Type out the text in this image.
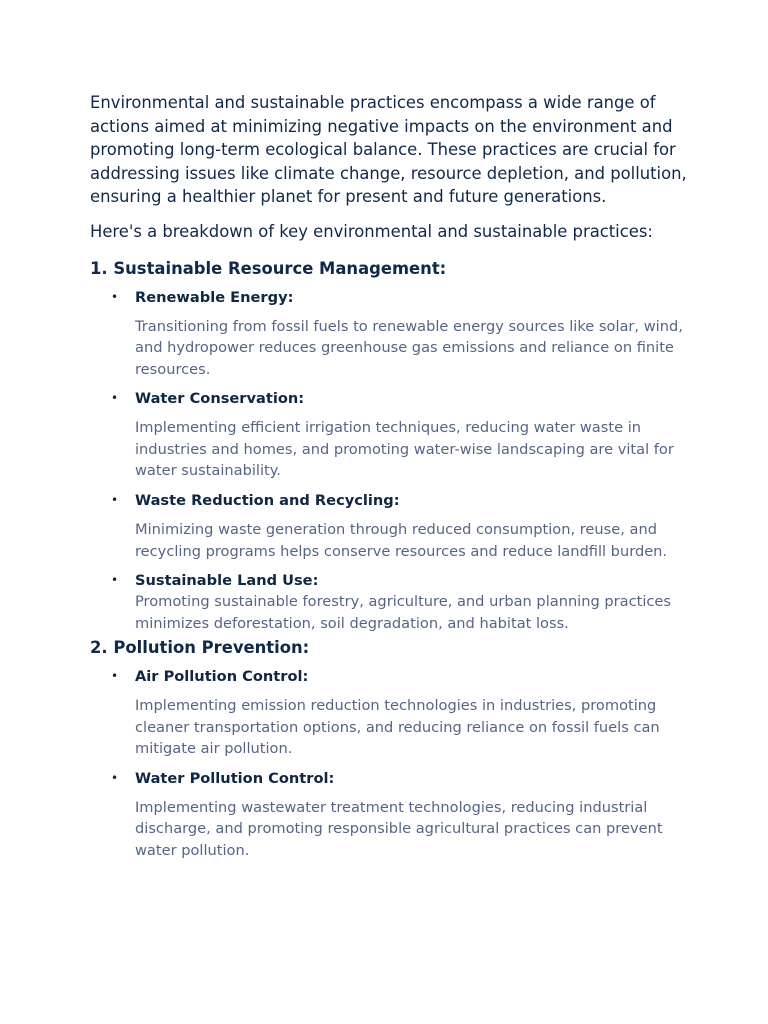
Environmental and sustainable practices encompass a wide range of actions aimed at minimizing negative impacts on the environment and promoting long-term ecological balance. These practices are crucial for addressing issues like climate change, resource depletion, and pollution, ensuring a healthier planet for present and future generations.

Here's a breakdown of key environmental and sustainable practices:

1. Sustainable Resource Management:
• Renewable Energy:

Transitioning from fossil fuels to renewable energy sources like solar, wind, and hydropower reduces greenhouse gas emissions and reliance on finite resources.

• Water Conservation:

Implementing efficient irrigation techniques, reducing water waste in industries and homes, and promoting water-wise landscaping are vital for water sustainability.

• Waste Reduction and Recycling:

Minimizing waste generation through reduced consumption, reuse, and recycling programs helps conserve resources and reduce landfill burden.

• Sustainable Land Use:

Promoting sustainable forestry, agriculture, and urban planning practices minimizes deforestation, soil degradation, and habitat loss.

2. Pollution Prevention:
• Air Pollution Control:

Implementing emission reduction technologies in industries, promoting cleaner transportation options, and reducing reliance on fossil fuels can mitigate air pollution.

• Water Pollution Control:

Implementing wastewater treatment technologies, reducing industrial discharge, and promoting responsible agricultural practices can prevent water pollution.
